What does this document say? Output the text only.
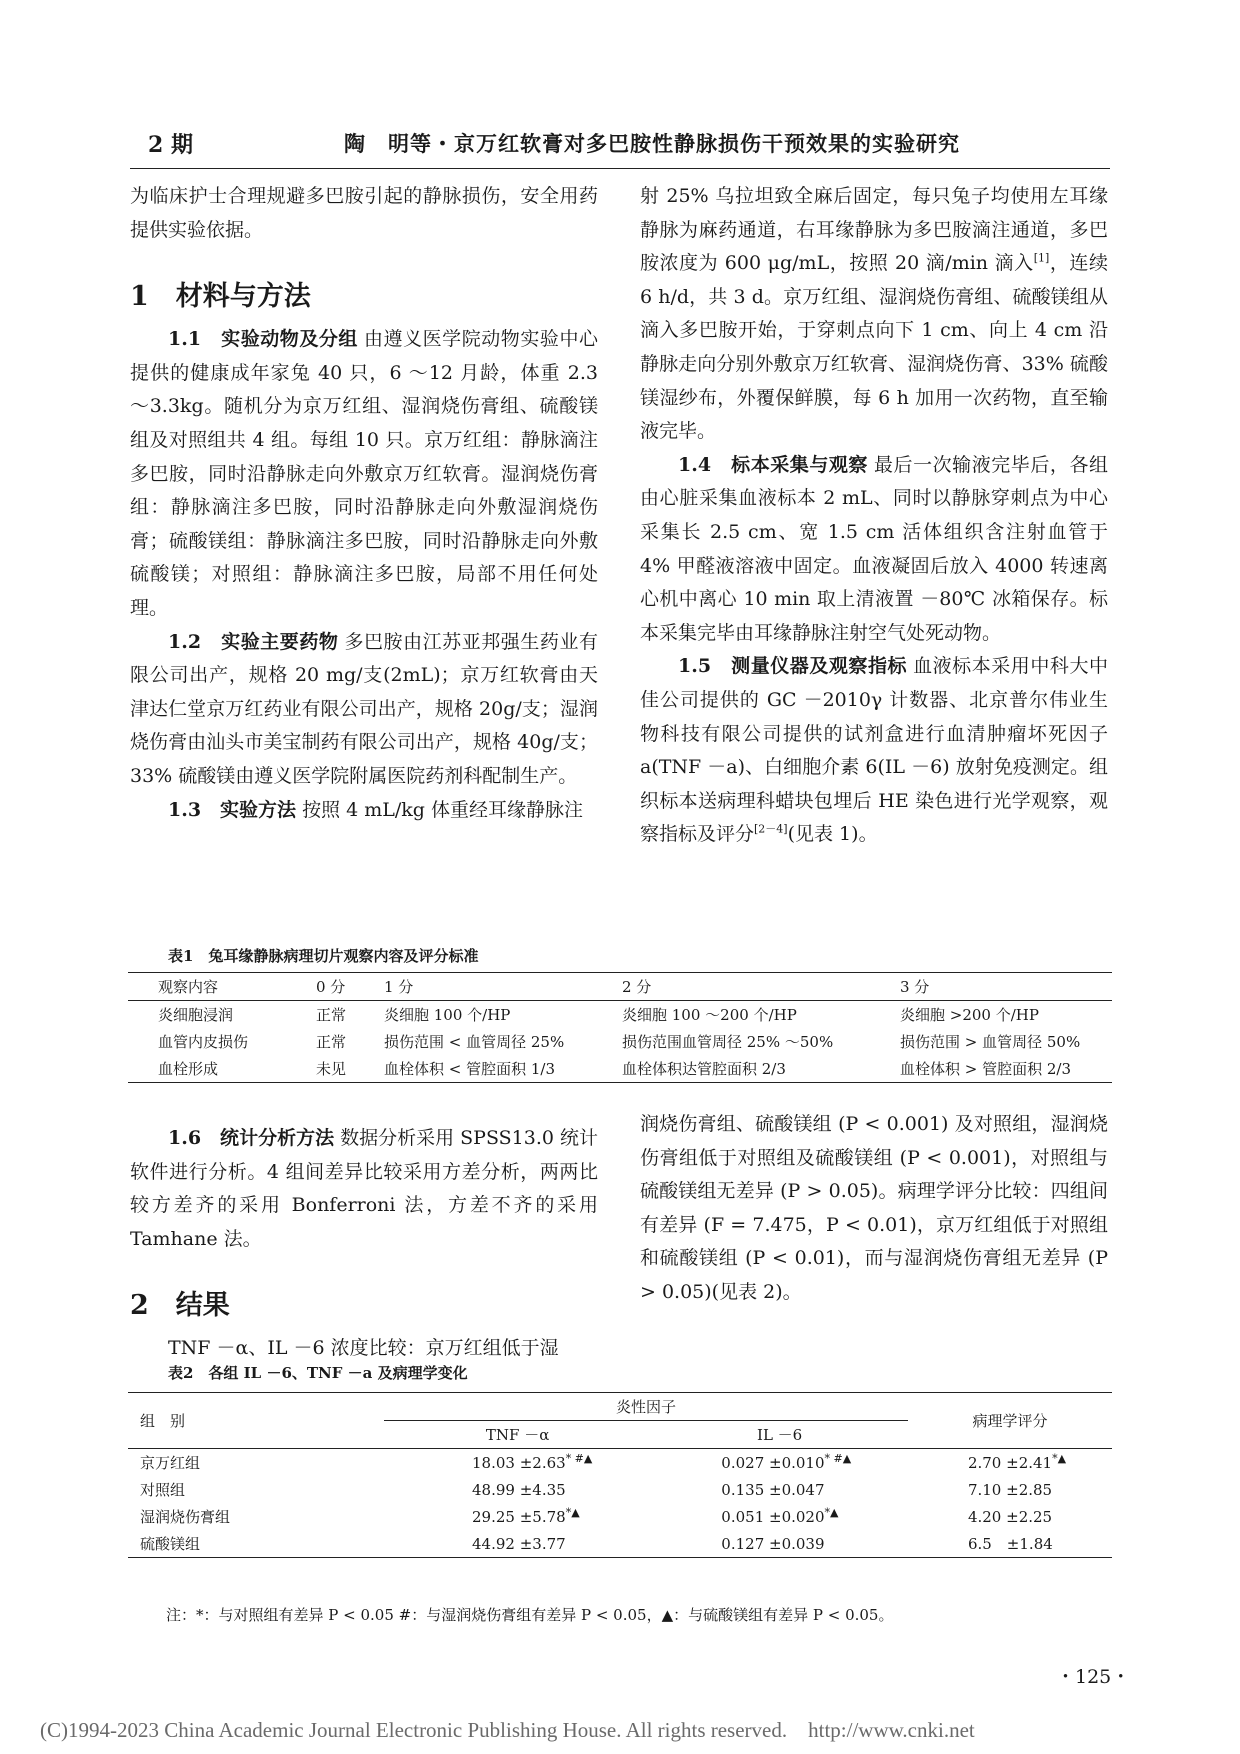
2 期	陶　明等・京万红软膏对多巴胺性静脉损伤干预效果的实验研究

为临床护士合理规避多巴胺引起的静脉损伤，安全用药提供实验依据。

1　材料与方法

1.1　实验动物及分组 由遵义医学院动物实验中心提供的健康成年家兔 40 只，6 ～12 月龄，体重 2.3 ～3.3kg。随机分为京万红组、湿润烧伤膏组、硫酸镁组及对照组共 4 组。每组 10 只。京万红组：静脉滴注多巴胺，同时沿静脉走向外敷京万红软膏。湿润烧伤膏组：静脉滴注多巴胺，同时沿静脉走向外敷湿润烧伤膏；硫酸镁组：静脉滴注多巴胺，同时沿静脉走向外敷硫酸镁；对照组：静脉滴注多巴胺，局部不用任何处理。

1.2　实验主要药物 多巴胺由江苏亚邦强生药业有限公司出产，规格 20 mg/支(2mL)；京万红软膏由天津达仁堂京万红药业有限公司出产，规格 20g/支；湿润烧伤膏由汕头市美宝制药有限公司出产，规格 40g/支；33% 硫酸镁由遵义医学院附属医院药剂科配制生产。

1.3　实验方法 按照 4 mL/kg 体重经耳缘静脉注

射 25% 乌拉坦致全麻后固定，每只兔子均使用左耳缘静脉为麻药通道，右耳缘静脉为多巴胺滴注通道，多巴胺浓度为 600 μg/mL，按照 20 滴/min 滴入[1]，连续 6 h/d，共 3 d。京万红组、湿润烧伤膏组、硫酸镁组从滴入多巴胺开始，于穿刺点向下 1 cm、向上 4 cm 沿静脉走向分别外敷京万红软膏、湿润烧伤膏、33% 硫酸镁湿纱布，外覆保鲜膜，每 6 h 加用一次药物，直至输液完毕。

1.4　标本采集与观察 最后一次输液完毕后，各组由心脏采集血液标本 2 mL、同时以静脉穿刺点为中心采集长 2.5 cm、宽 1.5 cm 活体组织含注射血管于 4% 甲醛液溶液中固定。血液凝固后放入 4000 转速离心机中离心 10 min 取上清液置 －80℃ 冰箱保存。标本采集完毕由耳缘静脉注射空气处死动物。

1.5　测量仪器及观察指标 血液标本采用中科大中佳公司提供的 GC －2010γ 计数器、北京普尔伟业生物科技有限公司提供的试剂盒进行血清肿瘤坏死因子 a(TNF －a)、白细胞介素 6(IL －6) 放射免疫测定。组织标本送病理科蜡块包埋后 HE 染色进行光学观察，观察指标及评分[2－4](见表 1)。

表1　兔耳缘静脉病理切片观察内容及评分标准
观察内容	0 分	1 分	2 分	3 分
炎细胞浸润	正常	炎细胞 100 个/HP	炎细胞 100 ～200 个/HP	炎细胞 >200 个/HP
血管内皮损伤	正常	损伤范围 < 血管周径 25%	损伤范围血管周径 25% ～50%	损伤范围 > 血管周径 50%
血栓形成	未见	血栓体积 < 管腔面积 1/3	血栓体积达管腔面积 2/3	血栓体积 > 管腔面积 2/3

1.6　统计分析方法 数据分析采用 SPSS13.0 统计软件进行分析。4 组间差异比较采用方差分析，两两比较方差齐的采用 Bonferroni 法，方差不齐的采用 Tamhane 法。

2　结果

TNF －α、IL －6 浓度比较：京万红组低于湿

润烧伤膏组、硫酸镁组 (P < 0.001) 及对照组，湿润烧伤膏组低于对照组及硫酸镁组 (P < 0.001)，对照组与硫酸镁组无差异 (P > 0.05)。病理学评分比较：四组间有差异 (F = 7.475，P < 0.01)，京万红组低于对照组和硫酸镁组 (P < 0.01)，而与湿润烧伤膏组无差异 (P > 0.05)(见表 2)。

表2　各组 IL －6、TNF －a 及病理学变化
组　别	炎性因子		病理学评分
	TNF －α	IL －6	
京万红组	18.03 ±2.63* #▲	0.027 ±0.010* #▲	2.70 ±2.41*▲
对照组	48.99 ±4.35	0.135 ±0.047	7.10 ±2.85
湿润烧伤膏组	29.25 ±5.78*▲	0.051 ±0.020*▲	4.20 ±2.25
硫酸镁组	44.92 ±3.77	0.127 ±0.039	6.5　±1.84
注：*：与对照组有差异 P < 0.05 #：与湿润烧伤膏组有差异 P < 0.05，▲：与硫酸镁组有差异 P < 0.05。
・125・
(C)1994-2023 China Academic Journal Electronic Publishing House. All rights reserved.　http://www.cnki.net
